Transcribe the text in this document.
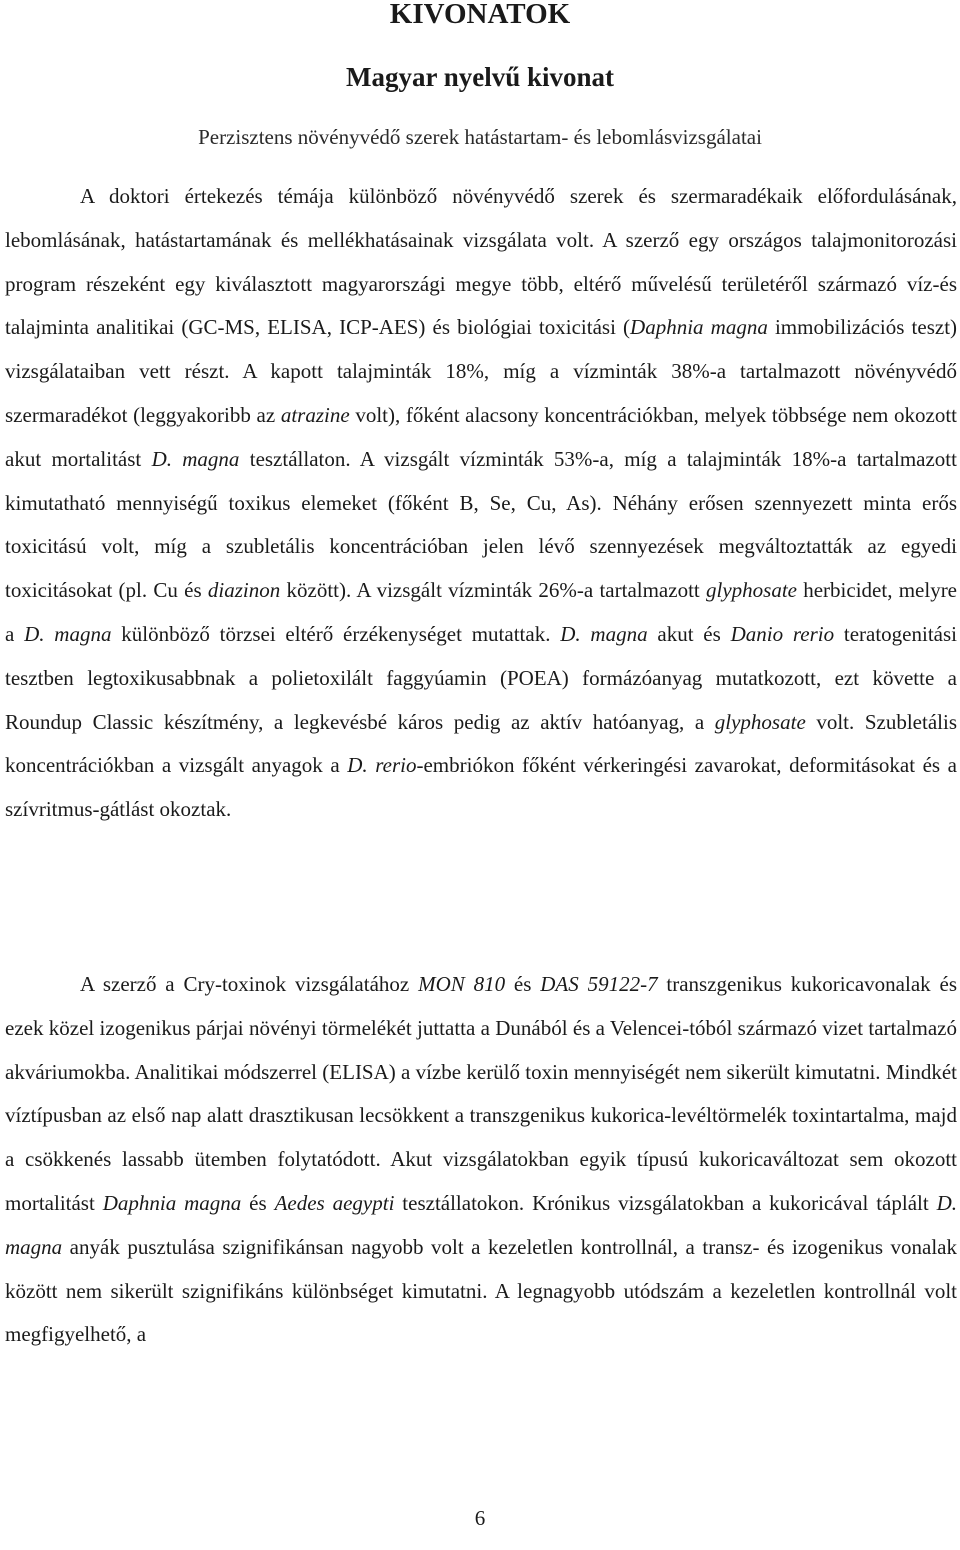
KIVONATOK
Magyar nyelvű kivonat
Perzisztens növényvédő szerek hatástartam- és lebomlásvizsgálatai

A doktori értekezés témája különböző növényvédő szerek és szermaradékaik előfordulásának, lebomlásának, hatástartamának és mellékhatásainak vizsgálata volt. A szerző egy országos talajmonitorozási program részeként egy kiválasztott magyarországi megye több, eltérő művelésű területéről származó víz-és talajminta analitikai (GC-MS, ELISA, ICP-AES) és biológiai toxicitási (Daphnia magna immobilizációs teszt) vizsgálataiban vett részt. A kapott talajminták 18%, míg a vízminták 38%-a tartalmazott növényvédő szermaradékot (leggyakoribb az atrazine volt), főként alacsony koncentrációkban, melyek többsége nem okozott akut mortalitást D. magna tesztállaton. A vizsgált vízminták 53%-a, míg a talajminták 18%-a tartalmazott kimutatható mennyiségű toxikus elemeket (főként B, Se, Cu, As). Néhány erősen szennyezett minta erős toxicitású volt, míg a szubletális koncentrációban jelen lévő szennyezések megváltoztatták az egyedi toxicitásokat (pl. Cu és diazinon között). A vizsgált vízminták 26%-a tartalmazott glyphosate herbicidet, melyre a D. magna különböző törzsei eltérő érzékenységet mutattak. D. magna akut és Danio rerio teratogenitási tesztben legtoxikusabbnak a polietoxilált faggyúamin (POEA) formázóanyag mutatkozott, ezt követte a Roundup Classic készítmény, a legkevésbé káros pedig az aktív hatóanyag, a glyphosate volt. Szubletális koncentrációkban a vizsgált anyagok a D. rerio-embriókon főként vérkeringési zavarokat, deformitásokat és a szívritmus-gátlást okoztak.

A szerző a Cry-toxinok vizsgálatához MON 810 és DAS 59122-7 transzgenikus kukoricavonalak és ezek közel izogenikus párjai növényi törmelékét juttatta a Dunából és a Velencei-tóból származó vizet tartalmazó akváriumokba. Analitikai módszerrel (ELISA) a vízbe kerülő toxin mennyiségét nem sikerült kimutatni. Mindkét víztípusban az első nap alatt drasztikusan lecsökkent a transzgenikus kukorica-levéltörmelék toxintartalma, majd a csökkenés lassabb ütemben folytatódott. Akut vizsgálatokban egyik típusú kukoricaváltozat sem okozott mortalitást Daphnia magna és Aedes aegypti tesztállatokon. Krónikus vizsgálatokban a kukoricával táplált D. magna anyák pusztulása szignifikánsan nagyobb volt a kezeletlen kontrollnál, a transz- és izogenikus vonalak között nem sikerült szignifikáns különbséget kimutatni. A legnagyobb utódszám a kezeletlen kontrollnál volt megfigyelhető, a

6
